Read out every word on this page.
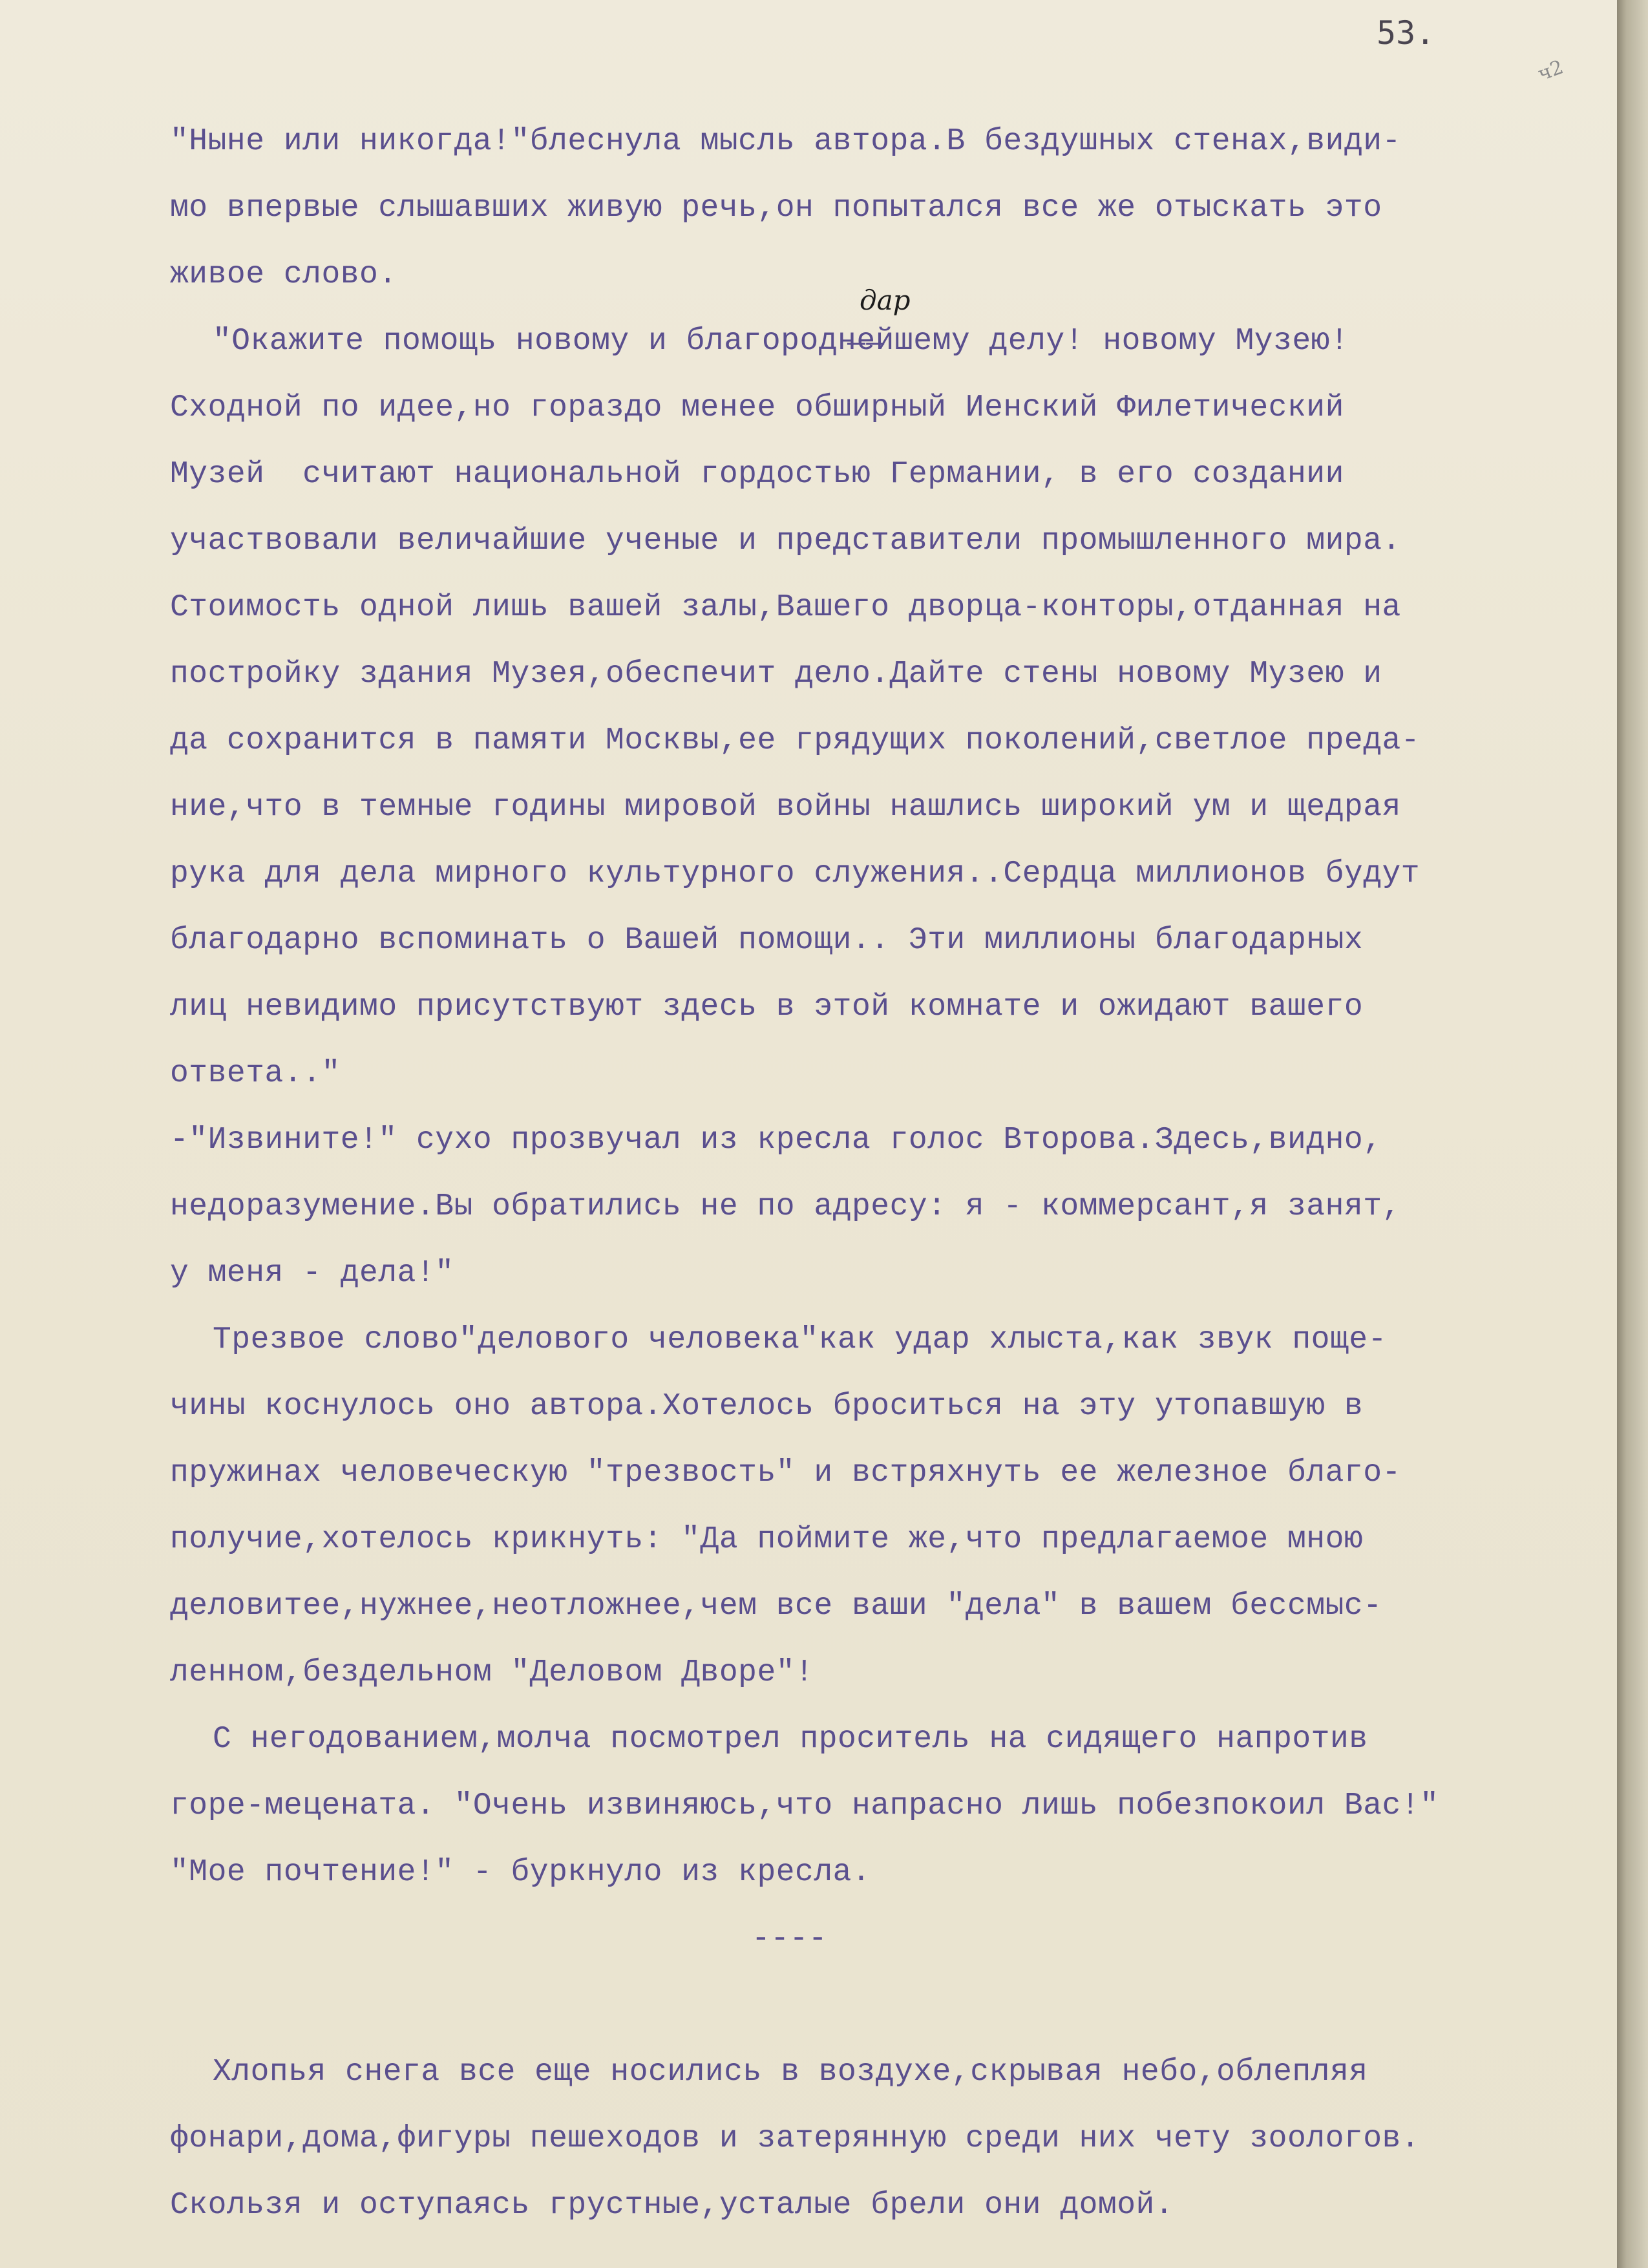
53.
ч2
дар
"Ныне или никогда!"блеснула мысль автора.В бездушных стенах,види-
мо впервые слышавших живую речь,он попытался все же отыскать это
живое слово.
"Окажите помощь новому и благородн̶е̶йшему делу! новому Музею!
Сходной по идее,но гораздо менее обширный Иенский Филетический
Музей  считают национальной гордостью Германии, в его создании
участвовали величайшие ученые и представители промышленного мира.
Стоимость одной лишь вашей залы,Вашего дворца-конторы,отданная на
постройку здания Музея,обеспечит дело.Дайте стены новому Музею и
да сохранится в памяти Москвы,ее грядущих поколений,светлое преда-
ние,что в темные годины мировой войны нашлись широкий ум и щедрая
рука для дела мирного культурного служения..Сердца миллионов будут
благодарно вспоминать о Вашей помощи.. Эти миллионы благодарных
лиц невидимо присутствуют здесь в этой комнате и ожидают вашего
ответа.."
-"Извините!" сухо прозвучал из кресла голос Второва.Здесь,видно,
недоразумение.Вы обратились не по адресу: я - коммерсант,я занят,
у меня - дела!"
Трезвое слово"делового человека"как удар хлыста,как звук поще-
чины коснулось оно автора.Хотелось броситься на эту утопавшую в
пружинах человеческую "трезвость" и встряхнуть ее железное благо-
получие,хотелось крикнуть: "Да поймите же,что предлагаемое мною
деловитее,нужнее,неотложнее,чем все ваши "дела" в вашем бессмыс-
ленном,бездельном "Деловом Дворе"!
С негодованием,молча посмотрел проситель на сидящего напротив
горе-мецената. "Очень извиняюсь,что напрасно лишь побезпокоил Вас!"
"Мое почтение!" - буркнуло из кресла.
----
Хлопья снега все еще носились в воздухе,скрывая небо,облепляя
фонари,дома,фигуры пешеходов и затерянную среди них чету зоологов.
Скользя и оступаясь грустные,усталые брели они домой.
